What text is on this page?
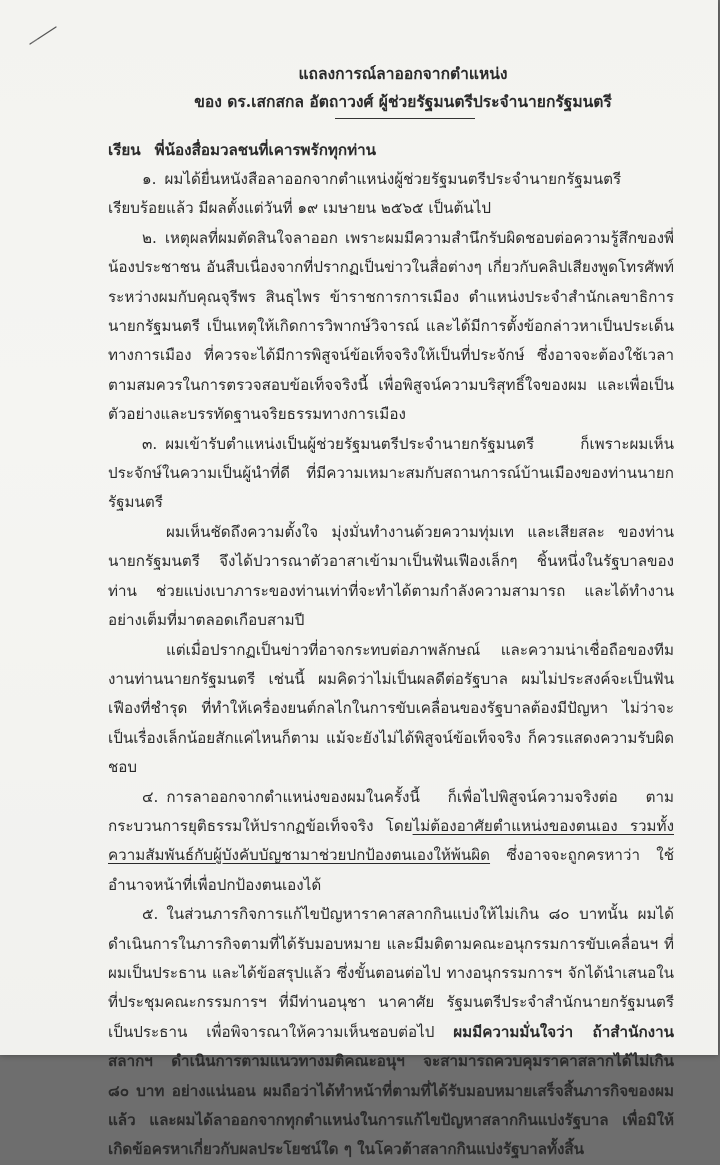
แถลงการณ์ลาออกจากตำแหน่ง
ของ ดร.เสกสกล อัตถาวงศ์ ผู้ช่วยรัฐมนตรีประจำนายกรัฐมนตรี
เรียน พี่น้องสื่อมวลชนที่เคารพรักทุกท่าน

๑. ผมได้ยื่นหนังสือลาออกจากตำแหน่งผู้ช่วยรัฐมนตรีประจำนายกรัฐมนตรีเรียบร้อยแล้ว มีผลตั้งแต่วันที่ ๑๙ เมษายน ๒๕๖๕ เป็นต้นไป

๒. เหตุผลที่ผมตัดสินใจลาออก เพราะผมมีความสำนึกรับผิดชอบต่อความรู้สึกของพี่น้องประชาชน อันสืบเนื่องจากที่ปรากฏเป็นข่าวในสื่อต่างๆ เกี่ยวกับคลิปเสียงพูดโทรศัพท์ ระหว่างผมกับคุณจุรีพร สินธุไพร ข้าราชการการเมือง ตำแหน่งประจำสำนักเลขาธิการนายกรัฐมนตรี เป็นเหตุให้เกิดการวิพากษ์วิจารณ์ และได้มีการตั้งข้อกล่าวหาเป็นประเด็นทางการเมือง ที่ควรจะได้มีการพิสูจน์ข้อเท็จจริงให้เป็นที่ประจักษ์ ซึ่งอาจจะต้องใช้เวลาตามสมควรในการตรวจสอบข้อเท็จจริงนี้ เพื่อพิสูจน์ความบริสุทธิ์ใจของผม และเพื่อเป็นตัวอย่างและบรรทัดฐานจริยธรรมทางการเมือง

๓. ผมเข้ารับตำแหน่งเป็นผู้ช่วยรัฐมนตรีประจำนายกรัฐมนตรี ก็เพราะผมเห็นประจักษ์ในความเป็นผู้นำที่ดี ที่มีความเหมาะสมกับสถานการณ์บ้านเมืองของท่านนายกรัฐมนตรี

ผมเห็นชัดถึงความตั้งใจ มุ่งมั่นทำงานด้วยความทุ่มเท และเสียสละ ของท่านนายกรัฐมนตรี จึงได้ปวารณาตัวอาสาเข้ามาเป็นฟันเฟืองเล็กๆ ชิ้นหนึ่งในรัฐบาลของท่าน ช่วยแบ่งเบาภาระของท่านเท่าที่จะทำได้ตามกำลังความสามารถ และได้ทำงานอย่างเต็มที่มาตลอดเกือบสามปี

แต่เมื่อปรากฏเป็นข่าวที่อาจกระทบต่อภาพลักษณ์ และความน่าเชื่อถือของทีมงานท่านนายกรัฐมนตรี เช่นนี้ ผมคิดว่าไม่เป็นผลดีต่อรัฐบาล ผมไม่ประสงค์จะเป็นฟันเฟืองที่ชำรุด ที่ทำให้เครื่องยนต์กลไกในการขับเคลื่อนของรัฐบาลต้องมีปัญหา ไม่ว่าจะเป็นเรื่องเล็กน้อยสักแค่ไหนก็ตาม แม้จะยังไม่ได้พิสูจน์ข้อเท็จจริง ก็ควรแสดงความรับผิดชอบ

๔. การลาออกจากตำแหน่งของผมในครั้งนี้ ก็เพื่อไปพิสูจน์ความจริงต่อ ตามกระบวนการยุติธรรมให้ปรากฏข้อเท็จจริง โดยไม่ต้องอาศัยตำแหน่งของตนเอง รวมทั้งความสัมพันธ์กับผู้บังคับบัญชามาช่วยปกป้องตนเองให้พ้นผิด ซึ่งอาจจะถูกครหาว่า ใช้อำนาจหน้าที่เพื่อปกป้องตนเองได้

๕. ในส่วนภารกิจการแก้ไขปัญหาราคาสลากกินแบ่งให้ไม่เกิน ๘๐ บาทนั้น ผมได้ดำเนินการในภารกิจตามที่ได้รับมอบหมาย และมีมติตามคณะอนุกรรมการขับเคลื่อนฯ ที่ผมเป็นประธาน และได้ข้อสรุปแล้ว ซึ่งขั้นตอนต่อไป ทางอนุกรรมการฯ จักได้นำเสนอในที่ประชุมคณะกรรมการฯ ที่มีท่านอนุชา นาคาศัย รัฐมนตรีประจำสำนักนายกรัฐมนตรี เป็นประธาน เพื่อพิจารณาให้ความเห็นชอบต่อไป ผมมีความมั่นใจว่า ถ้าสำนักงานสลากฯ ดำเนินการตามแนวทางมติคณะอนุฯ จะสามารถควบคุมราคาสลากได้ไม่เกิน ๘๐ บาท อย่างแน่นอน ผมถือว่าได้ทำหน้าที่ตามที่ได้รับมอบหมายเสร็จสิ้นภารกิจของผมแล้ว และผมได้ลาออกจากทุกตำแหน่งในการแก้ไขปัญหาสลากกินแบ่งรัฐบาล เพื่อมิให้เกิดข้อครหาเกี่ยวกับผลประโยชน์ใด ๆ ในโควต้าสลากกินแบ่งรัฐบาลทั้งสิ้น
